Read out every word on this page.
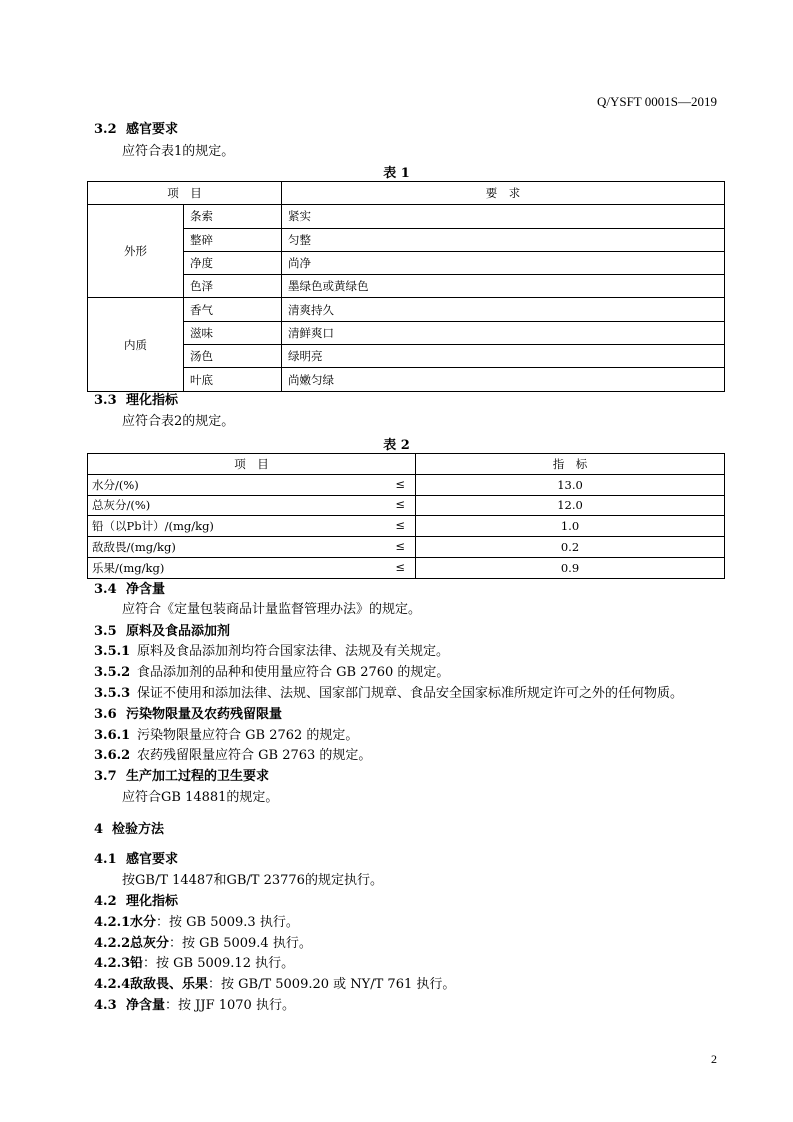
Q/YSFT 0001S—2019
3.2 感官要求
应符合表1的规定。
表 1
项　目		要　求
外形	条索	紧实
	整碎	匀整
	净度	尚净
	色泽	墨绿色或黄绿色
内质	香气	清爽持久
	滋味	清鲜爽口
	汤色	绿明亮
	叶底	尚嫩匀绿
3.3 理化指标
应符合表2的规定。
表 2
项　目	指　标
水分/(%) ≤	13.0
总灰分/(%) ≤	12.0
铅（以Pb计）/(mg/kg) ≤	1.0
敌敌畏/(mg/kg) ≤	0.2
乐果/(mg/kg) ≤	0.9
3.4 净含量
应符合《定量包装商品计量监督管理办法》的规定。
3.5 原料及食品添加剂
3.5.1 原料及食品添加剂均符合国家法律、法规及有关规定。
3.5.2 食品添加剂的品种和使用量应符合 GB 2760 的规定。
3.5.3 保证不使用和添加法律、法规、国家部门规章、食品安全国家标准所规定许可之外的任何物质。
3.6 污染物限量及农药残留限量
3.6.1 污染物限量应符合 GB 2762 的规定。
3.6.2 农药残留限量应符合 GB 2763 的规定。
3.7 生产加工过程的卫生要求
应符合GB 14881的规定。
4 检验方法
4.1 感官要求
按GB/T 14487和GB/T 23776的规定执行。
4.2 理化指标
4.2.1水分：按 GB 5009.3 执行。
4.2.2总灰分：按 GB 5009.4 执行。
4.2.3铅：按 GB 5009.12 执行。
4.2.4敌敌畏、乐果：按 GB/T 5009.20 或 NY/T 761 执行。
4.3 净含量：按 JJF 1070 执行。
2
